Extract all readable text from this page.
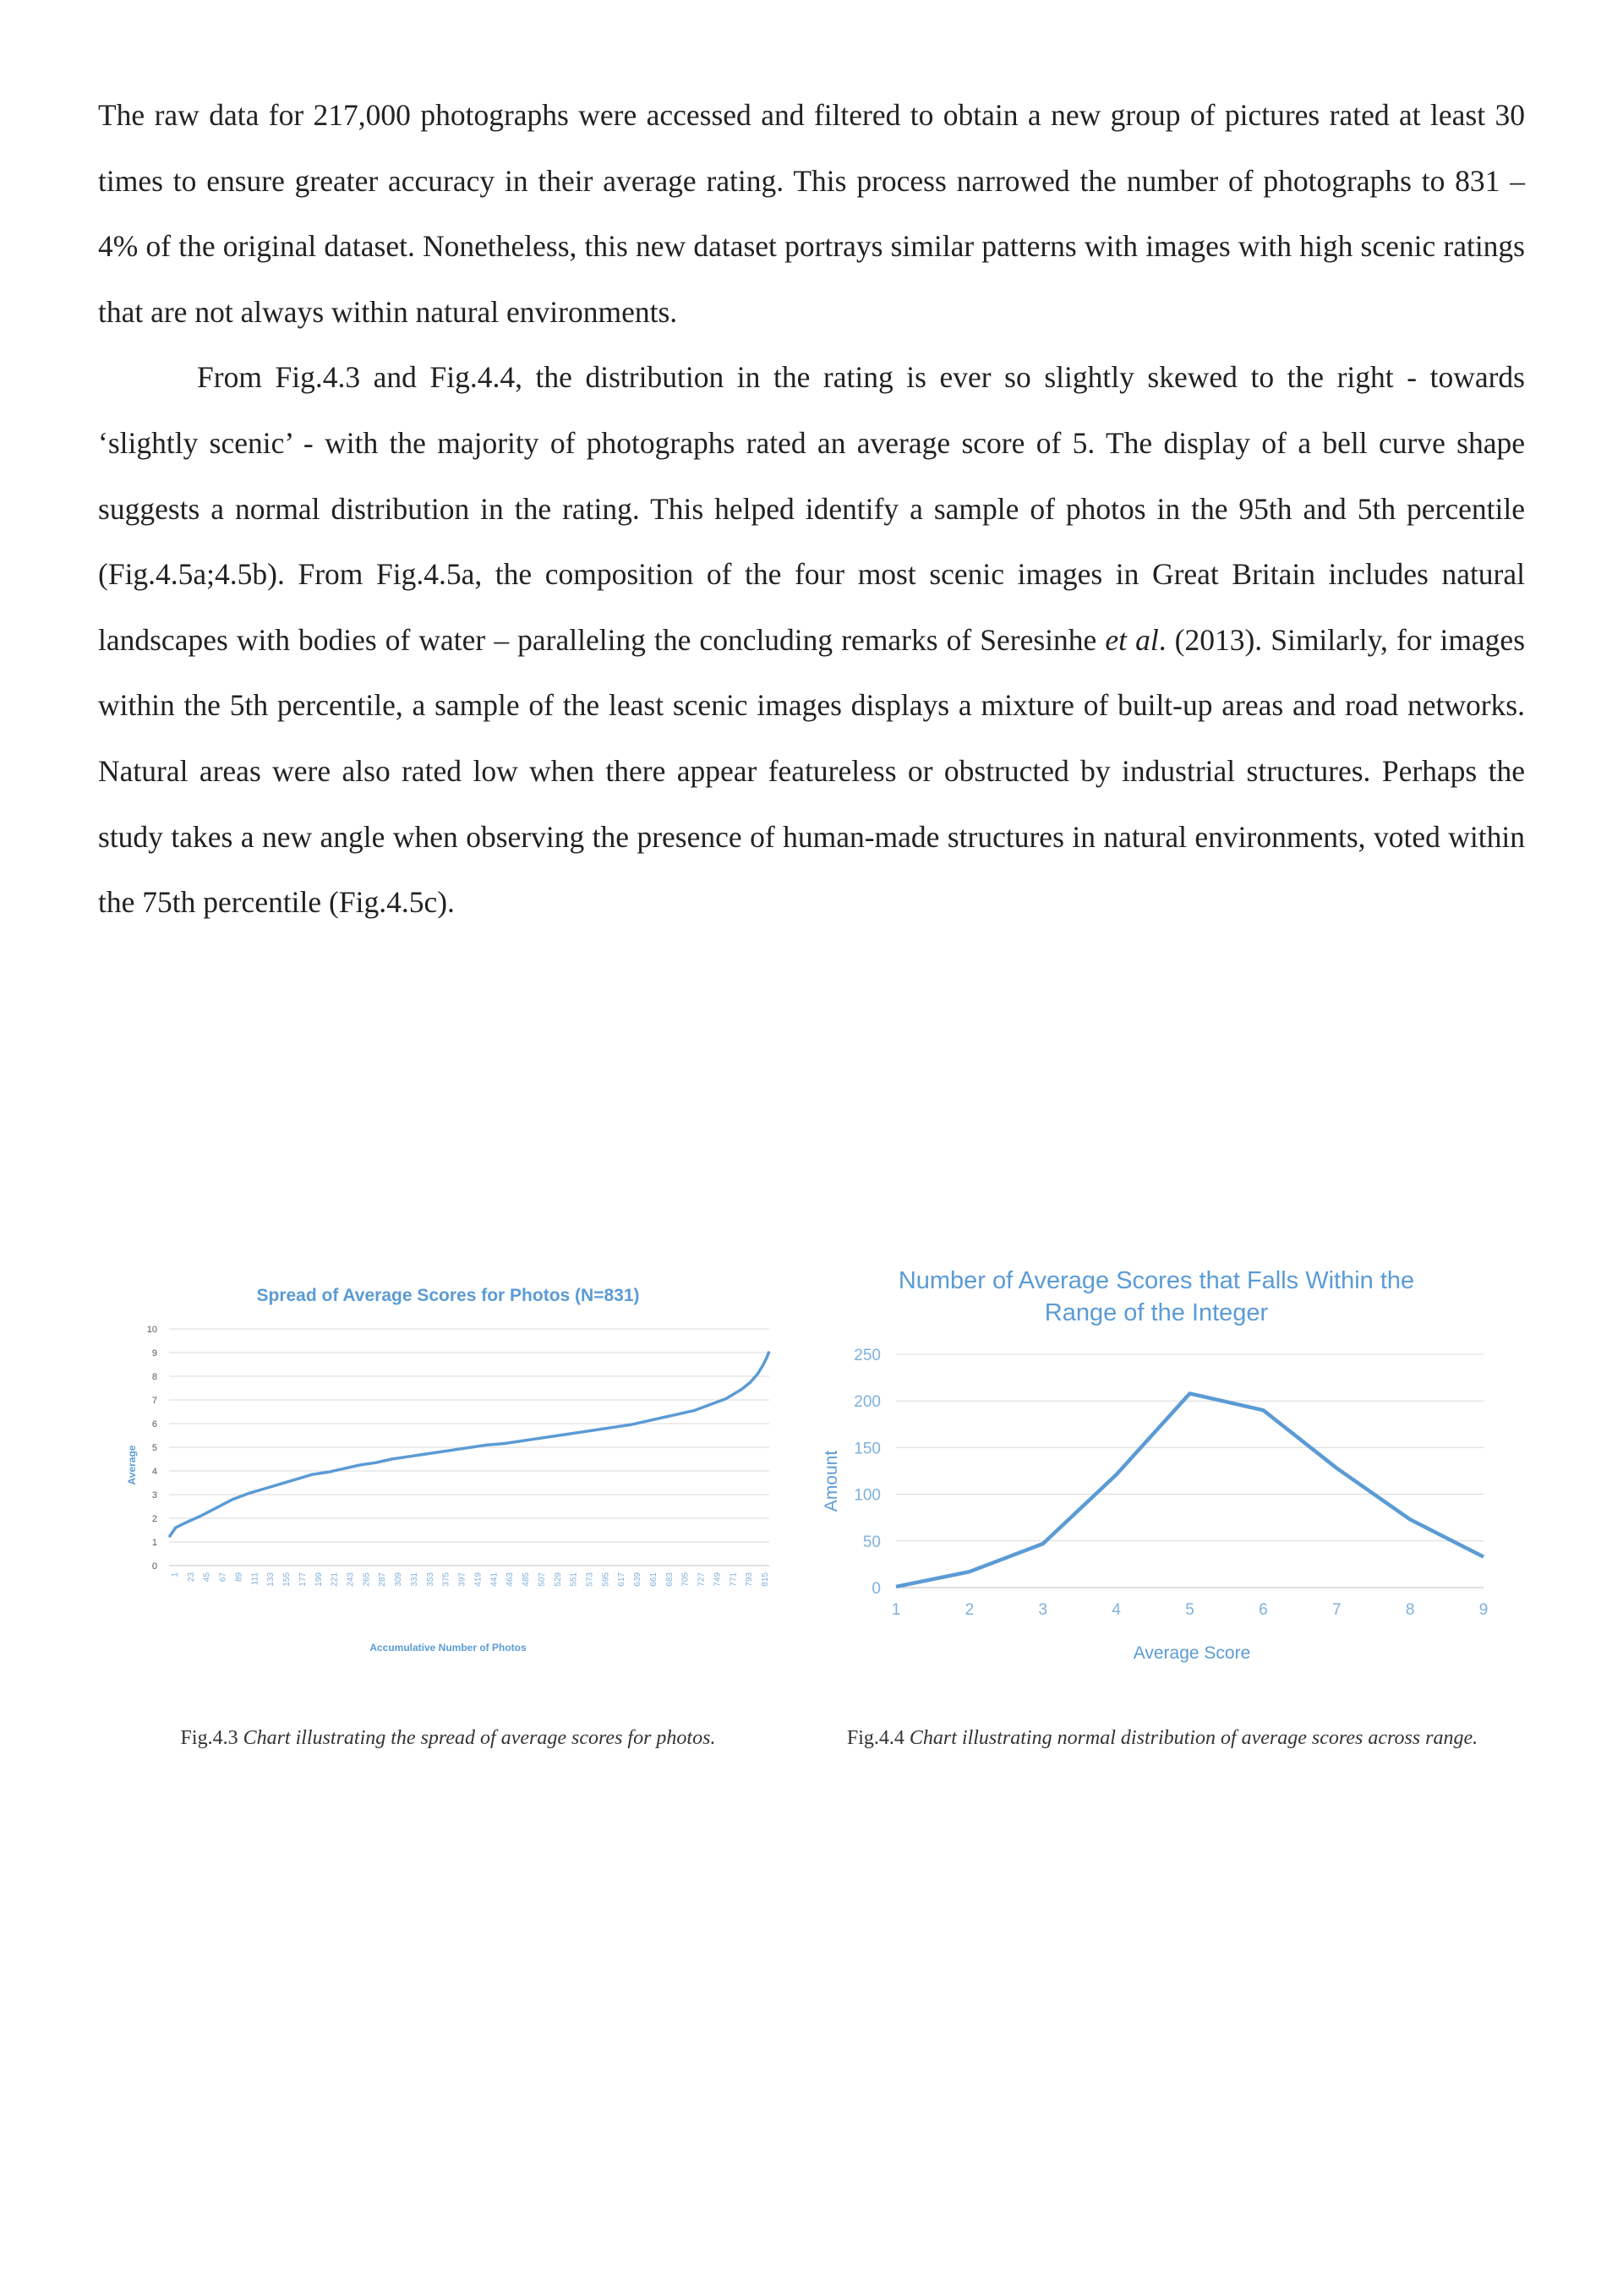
The raw data for 217,000 photographs were accessed and filtered to obtain a new group of pictures rated at least 30 times to ensure greater accuracy in their average rating. This process narrowed the number of photographs to 831 – 4% of the original dataset. Nonetheless, this new dataset portrays similar patterns with images with high scenic ratings that are not always within natural environments.

From Fig.4.3 and Fig.4.4, the distribution in the rating is ever so slightly skewed to the right - towards ‘slightly scenic’ - with the majority of photographs rated an average score of 5. The display of a bell curve shape suggests a normal distribution in the rating. This helped identify a sample of photos in the 95th and 5th percentile (Fig.4.5a;4.5b). From Fig.4.5a, the composition of the four most scenic images in Great Britain includes natural landscapes with bodies of water – paralleling the concluding remarks of Seresinhe et al. (2013). Similarly, for images within the 5th percentile, a sample of the least scenic images displays a mixture of built-up areas and road networks. Natural areas were also rated low when there appear featureless or obstructed by industrial structures. Perhaps the study takes a new angle when observing the presence of human-made structures in natural environments, voted within the 75th percentile (Fig.4.5c).

Spread of Average Scores for Photos (N=831)
0
1
2
3
4
5
6
7
8
9
10
1 23 45 67 89 111 133 155 177 199 221 243 265 287 309 331 353 375 397 419 441 463 485 507 529 551 573 595 617 639 661 683 705 727 749 771 793 815
Average
Accumulative Number of Photos
Number of Average Scores that Falls Within the
Range of the Integer
0
50
100
150
200
250
1	2	3	4	5	6	7	8	9
Amount
Average Score
Fig.4.3 Chart illustrating the spread of average scores for photos.	Fig.4.4 Chart illustrating normal distribution of average scores across range.
